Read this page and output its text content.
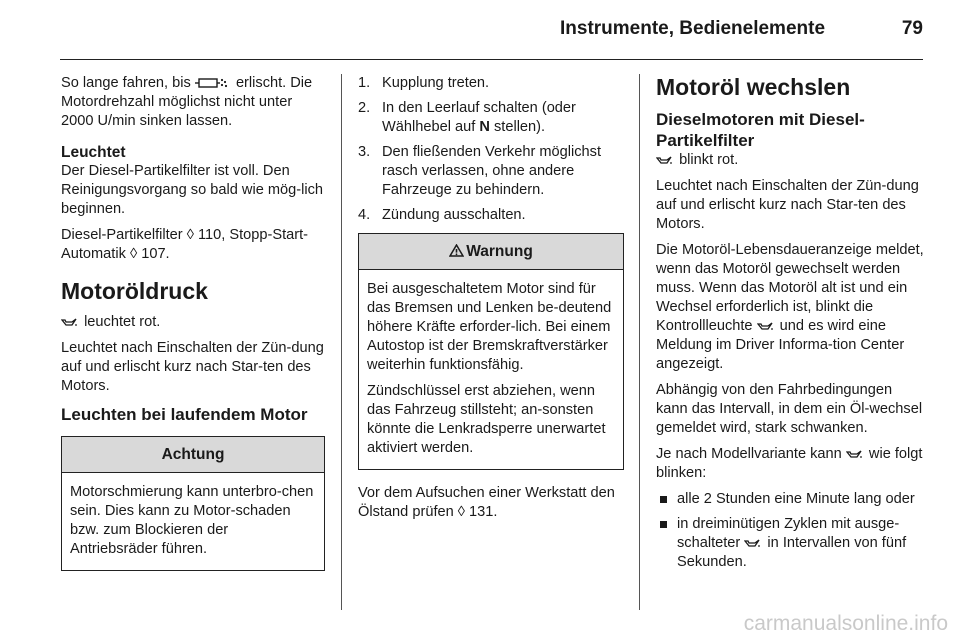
Instrumente, Bedienelemente	79

So lange fahren, bis	erlischt. Die Motordrehzahl möglichst nicht unter 2000 U/min sinken lassen.

Leuchtet

Der Diesel-Partikelfilter ist voll. Den Reinigungsvorgang so bald wie mög-lich beginnen.

Diesel-Partikelfilter ◊ 110, Stopp-Start-Automatik ◊ 107.

Motoröldruck

leuchtet rot.

Leuchtet nach Einschalten der Zün-dung auf und erlischt kurz nach Star-ten des Motors.

Leuchten bei laufendem Motor
Achtung

Motorschmierung kann unterbro-chen sein. Dies kann zu Motor-schaden bzw. zum Blockieren der Antriebsräder führen.

1. Kupplung treten.
2. In den Leerlauf schalten (oder Wählhebel auf N stellen).
3. Den fließenden Verkehr möglichst rasch verlassen, ohne andere Fahrzeuge zu behindern.
4. Zündung ausschalten.
Warnung

Bei ausgeschaltetem Motor sind für das Bremsen und Lenken be-deutend höhere Kräfte erforder-lich. Bei einem Autostop ist der Bremskraftverstärker weiterhin funktionsfähig.

Zündschlüssel erst abziehen, wenn das Fahrzeug stillsteht; an-sonsten könnte die Lenkradsperre unerwartet aktiviert werden.

Vor dem Aufsuchen einer Werkstatt den Ölstand prüfen ◊ 131.

Motoröl wechslen
Dieselmotoren mit Diesel-Partikelfilter

blinkt rot.

Leuchtet nach Einschalten der Zün-dung auf und erlischt kurz nach Star-ten des Motors.

Die Motoröl-Lebensdaueranzeige meldet, wenn das Motoröl gewechselt werden muss. Wenn das Motoröl alt ist und ein Wechsel erforderlich ist, blinkt die Kontrollleuchte und es wird eine Meldung im Driver Informa-tion Center angezeigt.

Abhängig von den Fahrbedingungen kann das Intervall, in dem ein Öl-wechsel gemeldet wird, stark schwanken.

Je nach Modellvariante kann wie folgt blinken:

alle 2 Stunden eine Minute lang oder
in dreiminütigen Zyklen mit ausge-schalteter in Intervallen von fünf Sekunden.
carmanualsonline.info
